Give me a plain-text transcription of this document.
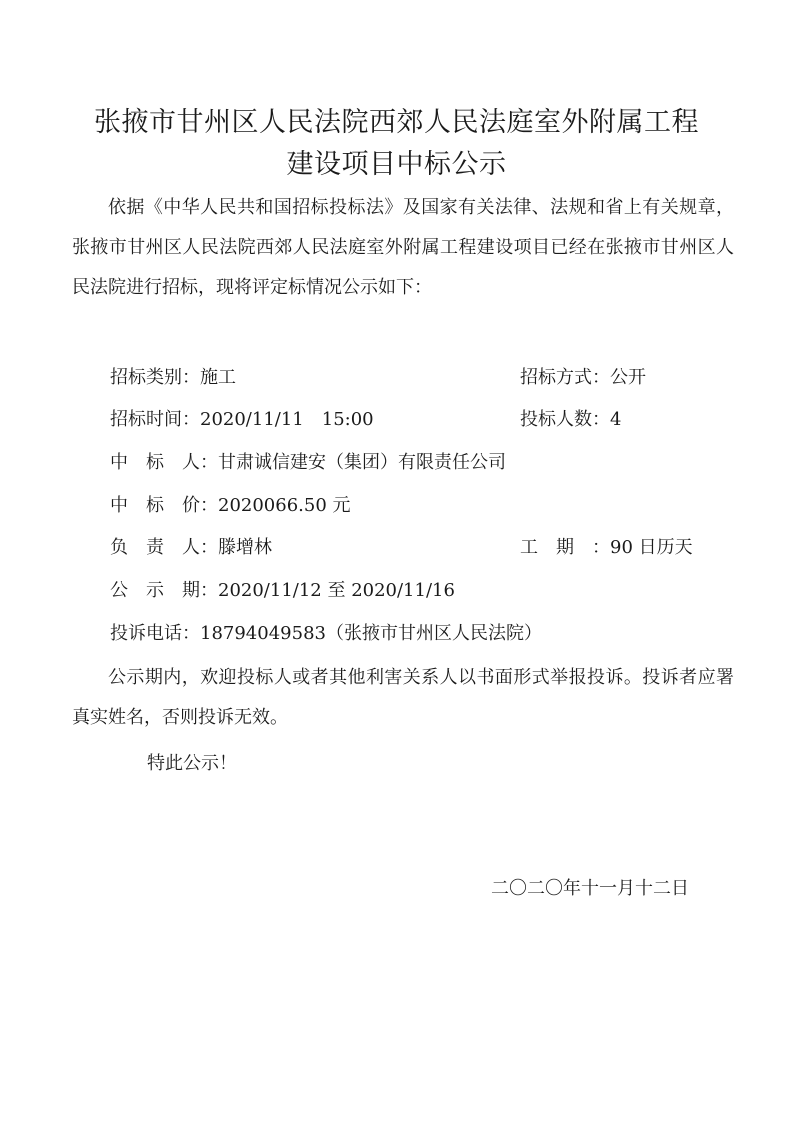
张掖市甘州区人民法院西郊人民法庭室外附属工程
建设项目中标公示
依据《中华人民共和国招标投标法》及国家有关法律、法规和省上有关规章，张掖市甘州区人民法院西郊人民法庭室外附属工程建设项目已经在张掖市甘州区人民法院进行招标，现将评定标情况公示如下：
招标类别：施工	招标方式：公开
招标时间：2020/11/11　15:00	投标人数：4
中　标　人：甘肃诚信建安（集团）有限责任公司
中　标　价：2020066.50 元
负　责　人：滕增林	工　期　：90 日历天
公　示　期：2020/11/12 至 2020/11/16
投诉电话：18794049583（张掖市甘州区人民法院）
公示期内，欢迎投标人或者其他利害关系人以书面形式举报投诉。投诉者应署真实姓名，否则投诉无效。
特此公示！
二〇二〇年十一月十二日
